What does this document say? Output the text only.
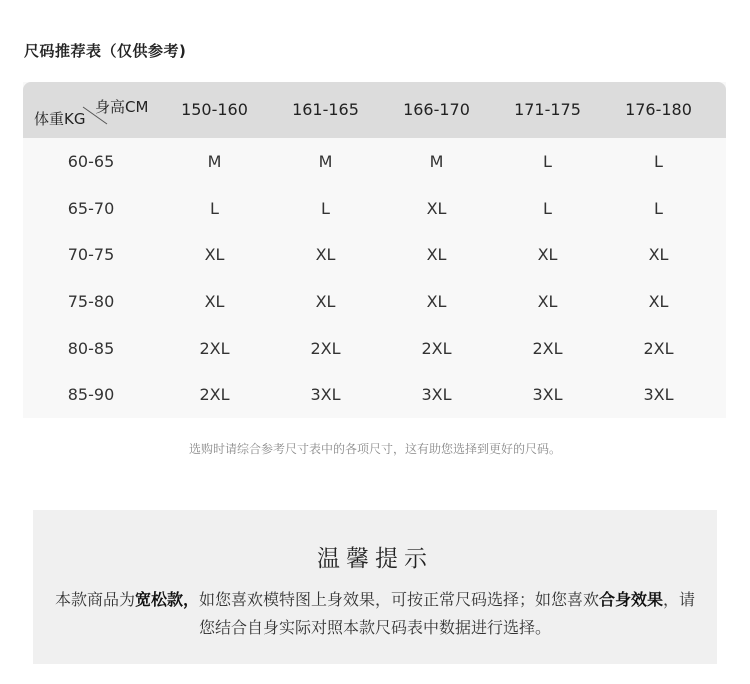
尺码推荐表（仅供参考)
身高CM
体重KG	150-160	161-165	166-170	171-175	176-180
60-65	M	M	M	L	L
65-70	L	L	XL	L	L
70-75	XL	XL	XL	XL	XL
75-80	XL	XL	XL	XL	XL
80-85	2XL	2XL	2XL	2XL	2XL
85-90	2XL	3XL	3XL	3XL	3XL
选购时请综合参考尺寸表中的各项尺寸，这有助您选择到更好的尺码。
温馨提示
本款商品为宽松款，如您喜欢模特图上身效果，可按正常尺码选择；如您喜欢合身效果，请您结合自身实际对照本款尺码表中数据进行选择。
